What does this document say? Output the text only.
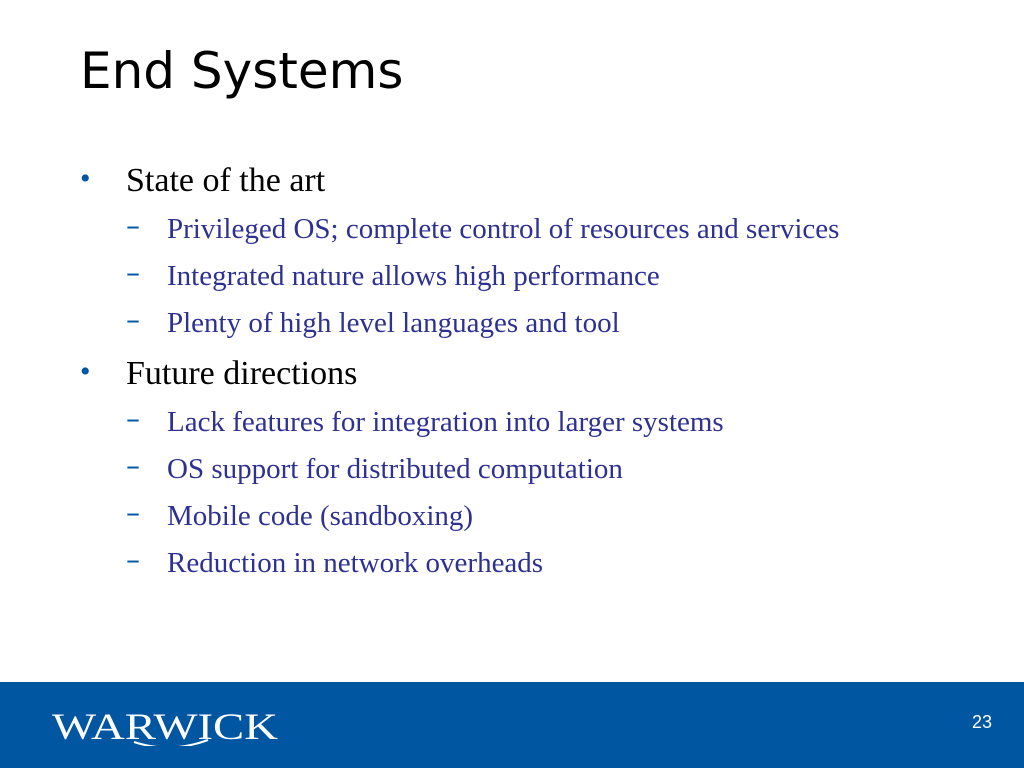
End Systems
• State of the art
– Privileged OS; complete control of resources and services
– Integrated nature allows high performance
– Plenty of high level languages and tool
• Future directions
– Lack features for integration into larger systems
– OS support for distributed computation
– Mobile code (sandboxing)
– Reduction in network overheads
WARWICK	23
